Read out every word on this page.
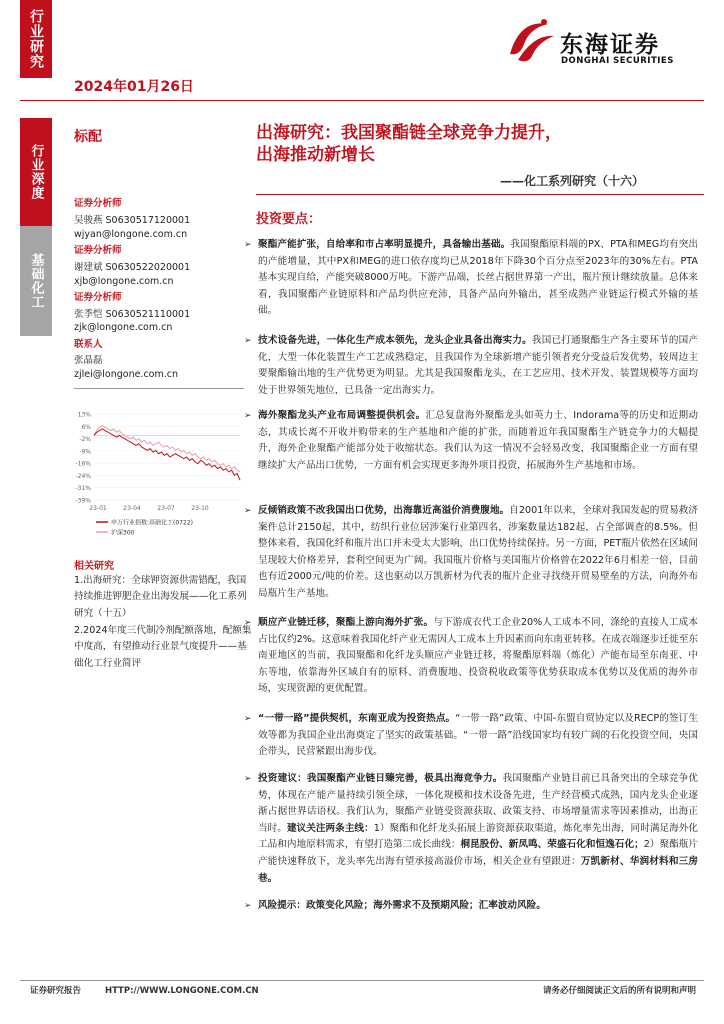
行业研究
2024年01月26日
东海证券
DONGHAI SECURITIES
行业深度
基础化工
标配	出海研究：我国聚酯链全球竞争力提升，
出海推动新增长
——化工系列研究（十六）
证券分析师
吴骏燕 S0630517120001
wjyan@longone.com.cn
证券分析师
谢建斌 S0630522020001
xjb@longone.com.cn
证券分析师
张季恺 S0630521110001
zjk@longone.com.cn
联系人
张晶磊
zjlei@longone.com.cn
13%
6%
-2%
-9%
-16%
-24%
-31%
-39%
23-01	23-04	23-07	23-10
申万行业指数:基础化工(0722)
沪深300
相关研究
1.出海研究：全球钾资源供需错配，我国持续推进钾肥企业出海发展——化工系列研究（十五）
2.2024年度三代制冷剂配额落地，配额集中度高，有望推动行业景气度提升——基础化工行业简评
投资要点：
➢ 聚酯产能扩张，自给率和市占率明显提升，具备输出基础。我国聚酯原料端的PX、PTA和MEG均有突出的产能增量，其中PX和MEG的进口依存度均已从2018年下降30个百分点至2023年的30%左右。PTA基本实现自给，产能突破8000万吨。下游产品端，长丝占据世界第一产出，瓶片预计继续放量。总体来看，我国聚酯产业链原料和产品均供应充沛，具备产品向外输出，甚至成熟产业链运行模式外输的基础。
➢ 技术设备先进，一体化生产成本领先，龙头企业具备出海实力。我国已打通聚酯生产各主要环节的国产化，大型一体化装置生产工艺成熟稳定，且我国作为全球新增产能引领者充分受益后发优势，较周边主要聚酯输出地的生产优势更为明显。尤其是我国聚酯龙头，在工艺应用、技术开发、装置规模等方面均处于世界领先地位，已具备一定出海实力。
➢ 海外聚酯龙头产业布局调整提供机会。汇总复盘海外聚酯龙头如英力士、Indorama等的历史和近期动态，其成长离不开收并购带来的生产基地和产能的扩张，而随着近年我国聚酯生产链竞争力的大幅提升，海外企业聚酯产能部分处于收缩状态。我们认为这一情况不会轻易改变，我国聚酯企业一方面有望继续扩大产品出口优势，一方面有机会实现更多海外项目投资，拓展海外生产基地和市场。
➢ 反倾销政策不改我国出口优势，出海靠近高溢价消费腹地。自2001年以来，全球对我国发起的贸易救济案件总计2150起，其中，纺织行业位居涉案行业第四名，涉案数量达182起，占全部调查的8.5%。但整体来看，我国化纤和瓶片出口并未受太大影响，出口优势持续保持。另一方面，PET瓶片依然在区域间呈现较大价格差异，套利空间更为广阔。我国瓶片价格与美国瓶片价格曾在2022年6月相差一倍，目前也有近2000元/吨的价差。这也驱动以万凯新材为代表的瓶片企业寻找绕开贸易壁垒的方法，向海外布局瓶片生产基地。
➢ 顺应产业链迁移，聚酯上游向海外扩张。与下游成衣代工企业20%人工成本不同，涤纶的直接人工成本占比仅约2%。这意味着我国化纤产业无需因人工成本上升因素而向东南亚转移。在成衣端逐步迁徙至东南亚地区的当前，我国聚酯和化纤龙头顺应产业链迁移，将聚酯原料端（炼化）产能布局至东南亚、中东等地，依靠海外区域自有的原料、消费腹地、投资税收政策等优势获取成本优势以及优质的海外市场，实现资源的更优配置。
➢ “一带一路”提供契机，东南亚成为投资热点。“一带一路”政策、中国-东盟自贸协定以及RECP的签订生效等都为我国企业出海奠定了坚实的政策基础。“一带一路”沿线国家均有较广阔的石化投资空间，央国企带头，民营紧跟出海步伐。
➢ 投资建议：我国聚酯产业链日臻完善，极具出海竞争力。我国聚酯产业链目前已具备突出的全球竞争优势，体现在产能产量持续引领全球，一体化规模和技术设备先进，生产经营模式成熟，国内龙头企业逐渐占据世界话语权。我们认为，聚酯产业链受资源获取、政策支持、市场增量需求等因素推动，出海正当时。建议关注两条主线：1）聚酯和化纤龙头拓展上游资源获取渠道，炼化率先出海，同时满足海外化工品和内地原料需求，有望打造第二成长曲线：桐昆股份、新凤鸣、荣盛石化和恒逸石化；2）聚酯瓶片产能快速释放下，龙头率先出海有望承接高溢价市场，相关企业有望跟进：万凯新材、华润材料和三房巷。
➢ 风险提示：政策变化风险；海外需求不及预期风险；汇率波动风险。
证券研究报告	HTTP://WWW.LONGONE.COM.CN	请务必仔细阅读正文后的所有说明和声明
